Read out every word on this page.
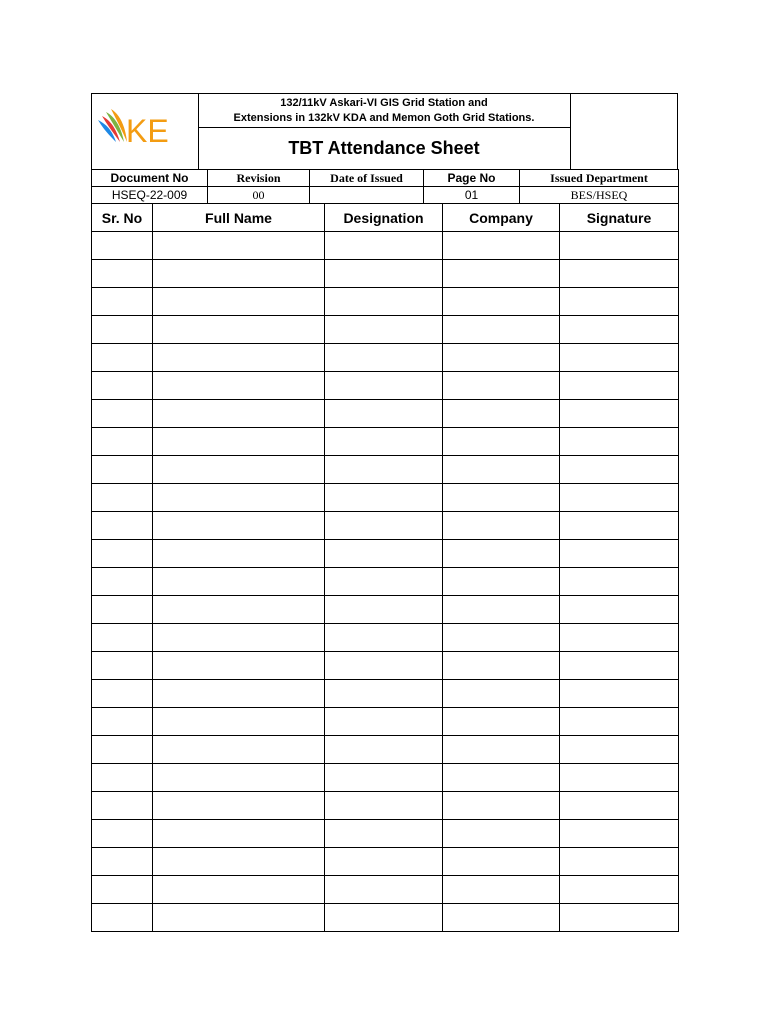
KE
132/11kV Askari-VI GIS Grid Station and
Extensions in 132kV KDA and Memon Goth Grid Stations.
TBT Attendance Sheet
Document No	Revision	Date of Issued	Page No	Issued Department
HSEQ-22-009	00		01	BES/HSEQ
Sr. No	Full Name	Designation	Company	Signature
